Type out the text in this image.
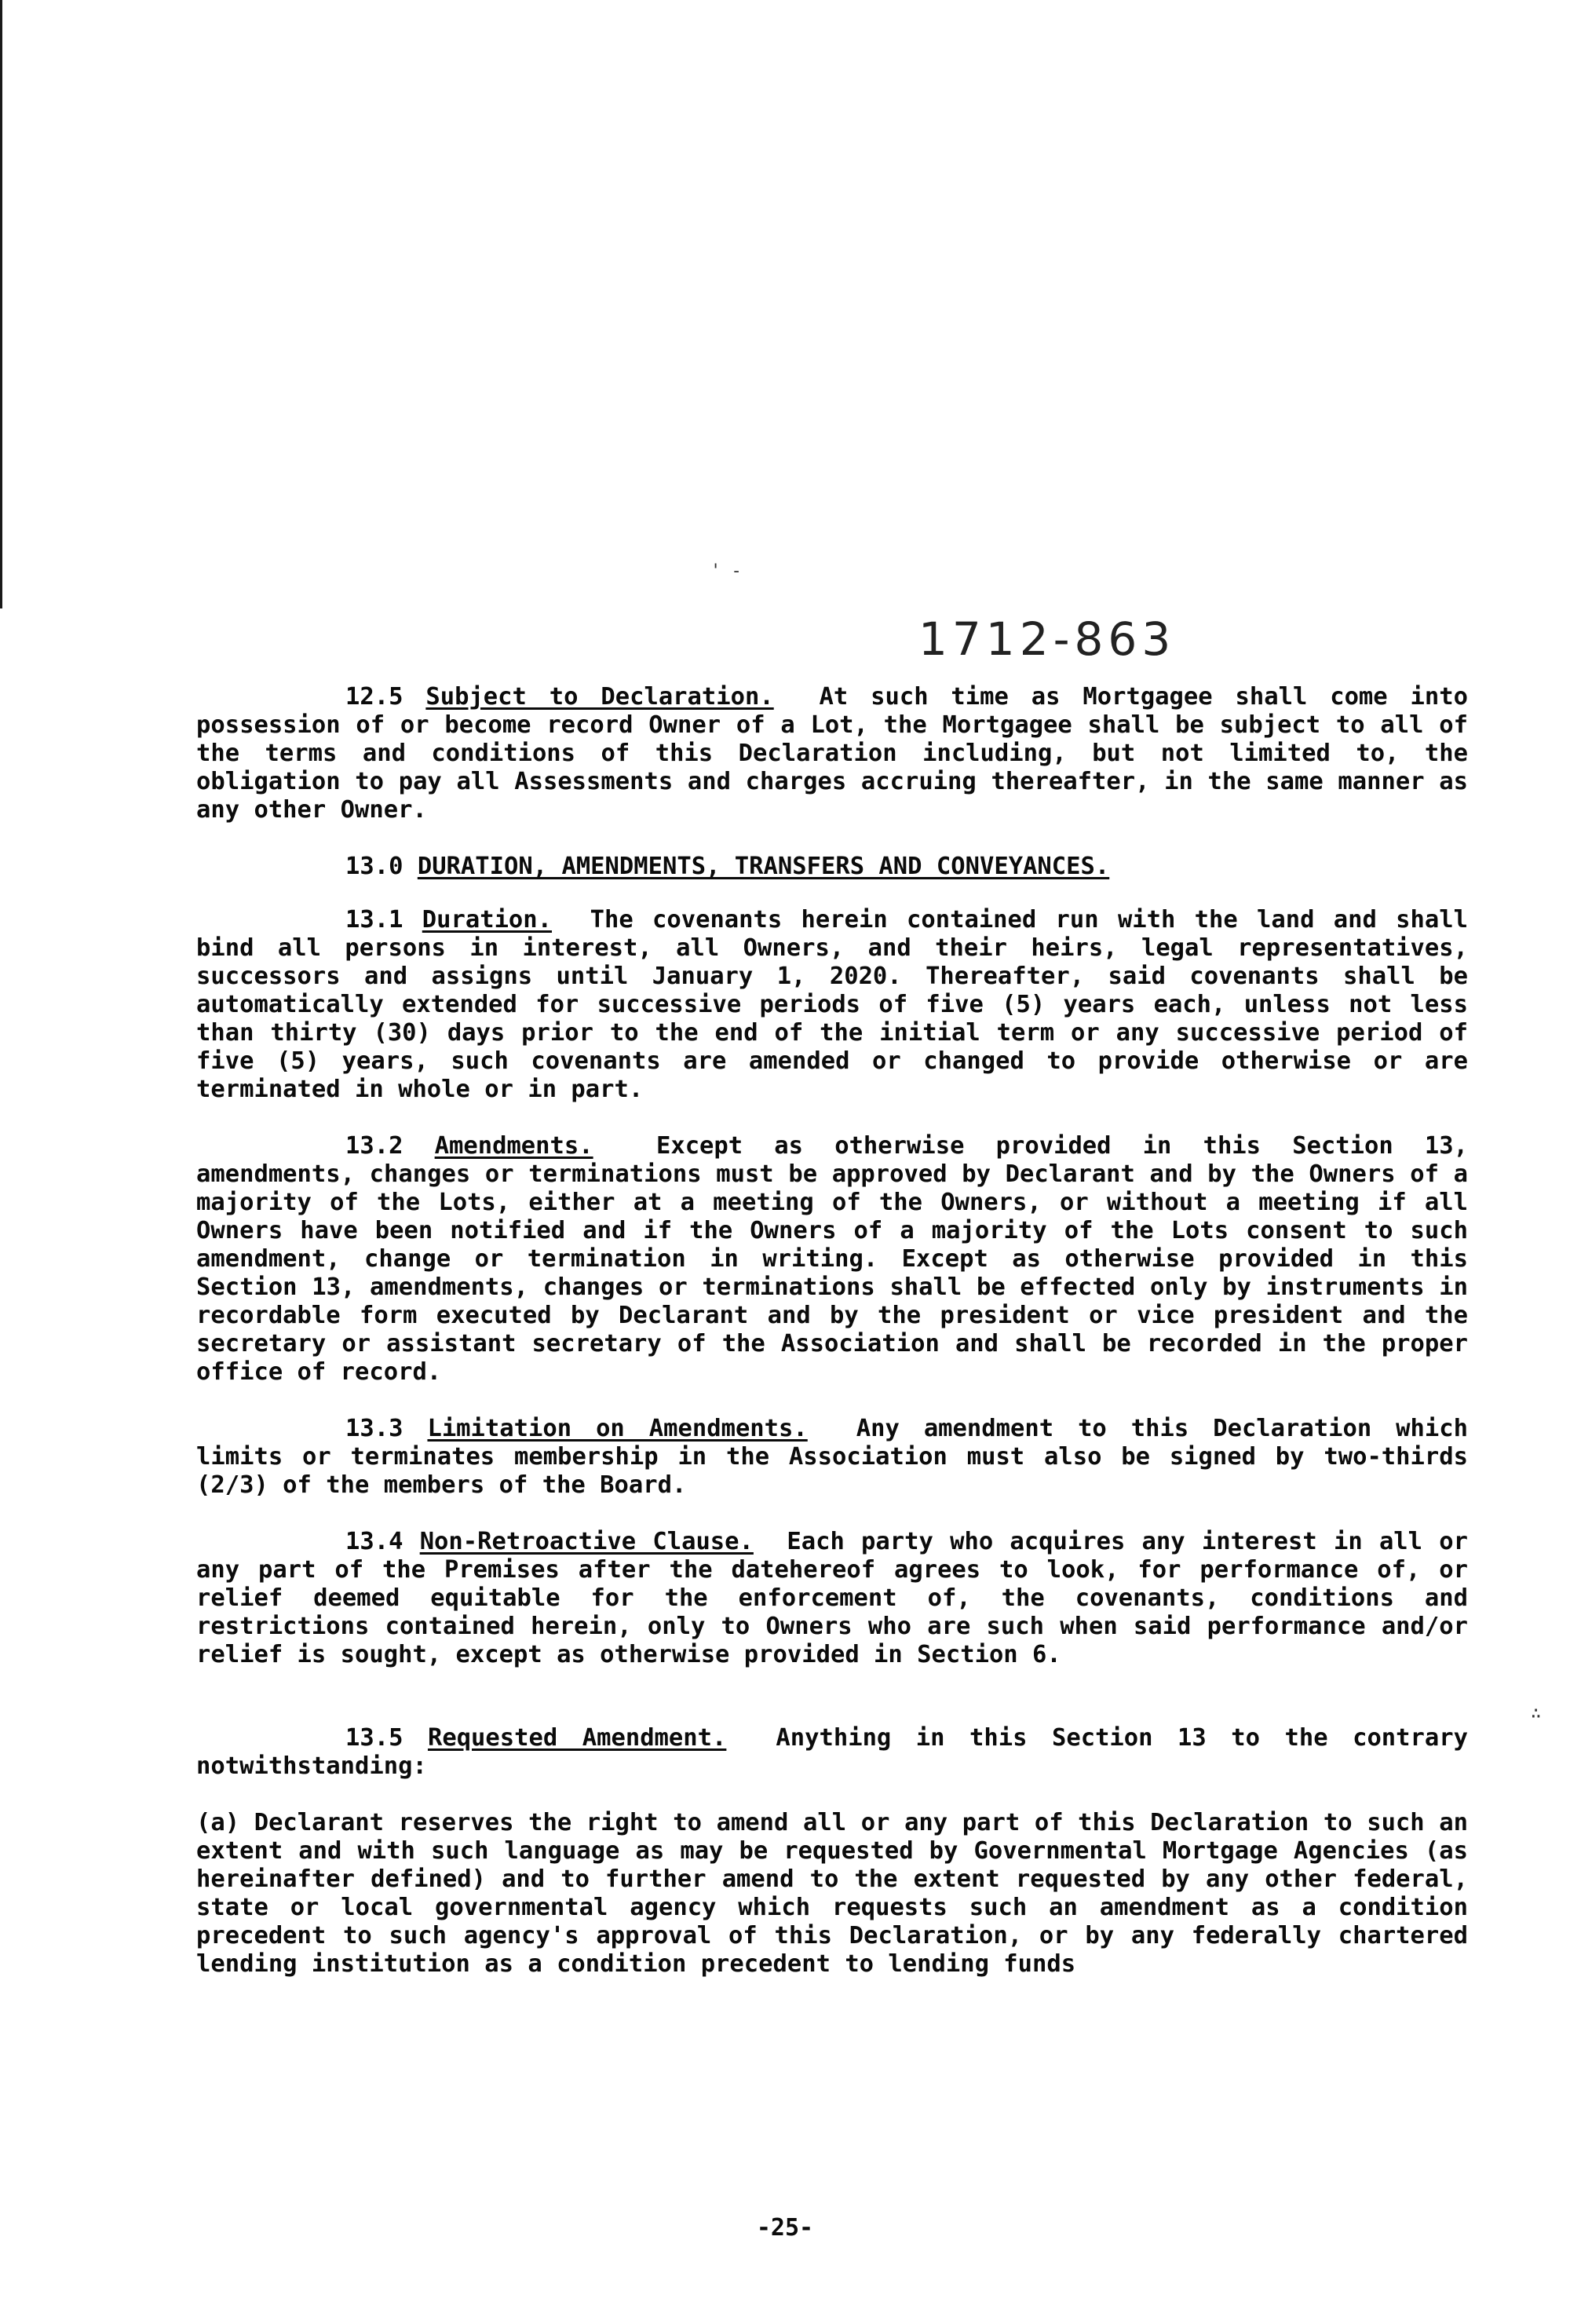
' -
∴
1712-863

12.5 Subject to Declaration. At such time as Mortgagee shall come into possession of or become record Owner of a Lot, the Mortgagee shall be subject to all of the terms and conditions of this Declaration including, but not limited to, the obligation to pay all Assessments and charges accruing thereafter, in the same manner as any other Owner.

13.0 DURATION, AMENDMENTS, TRANSFERS AND CONVEYANCES.

13.1 Duration. The covenants herein contained run with the land and shall bind all persons in interest, all Owners, and their heirs, legal representatives, successors and assigns until January 1, 2020. Thereafter, said covenants shall be automatically extended for successive periods of five (5) years each, unless not less than thirty (30) days prior to the end of the initial term or any successive period of five (5) years, such covenants are amended or changed to provide otherwise or are terminated in whole or in part.

13.2 Amendments.	Except as otherwise provided in this Section 13, amendments, changes or terminations must be approved by Declarant and by the Owners of a majority of the Lots, either at a meeting of the Owners, or without a meeting if all Owners have been notified and if the Owners of a majority of the Lots consent to such amendment, change or termination in writing. Except as otherwise provided in this Section 13, amendments, changes or terminations shall be effected only by instruments in recordable form executed by Declarant and by the president or vice president and the secretary or assistant secretary of the Association and shall be recorded in the proper office of record.

13.3 Limitation on Amendments. Any amendment to this Declaration which limits or terminates membership in the Association must also be signed by two-thirds (2/3) of the members of the Board.

13.4 Non-Retroactive Clause. Each party who acquires any interest in all or any part of the Premises after the datehereof agrees to look, for performance of, or relief deemed equitable for the enforcement of, the covenants, conditions and restrictions contained herein, only to Owners who are such when said performance and/or relief is sought, except as otherwise provided in Section 6.

13.5 Requested Amendment. Anything in this Section 13 to the contrary notwithstanding:

(a) Declarant reserves the right to amend all or any part of this Declaration to such an extent and with such language as may be requested by Governmental Mortgage Agencies (as hereinafter defined) and to further amend to the extent requested by any other federal, state or local governmental agency which requests such an amendment as a condition precedent to such agency's approval of this Declaration, or by any federally chartered lending institution as a condition precedent to lending funds

-25-
